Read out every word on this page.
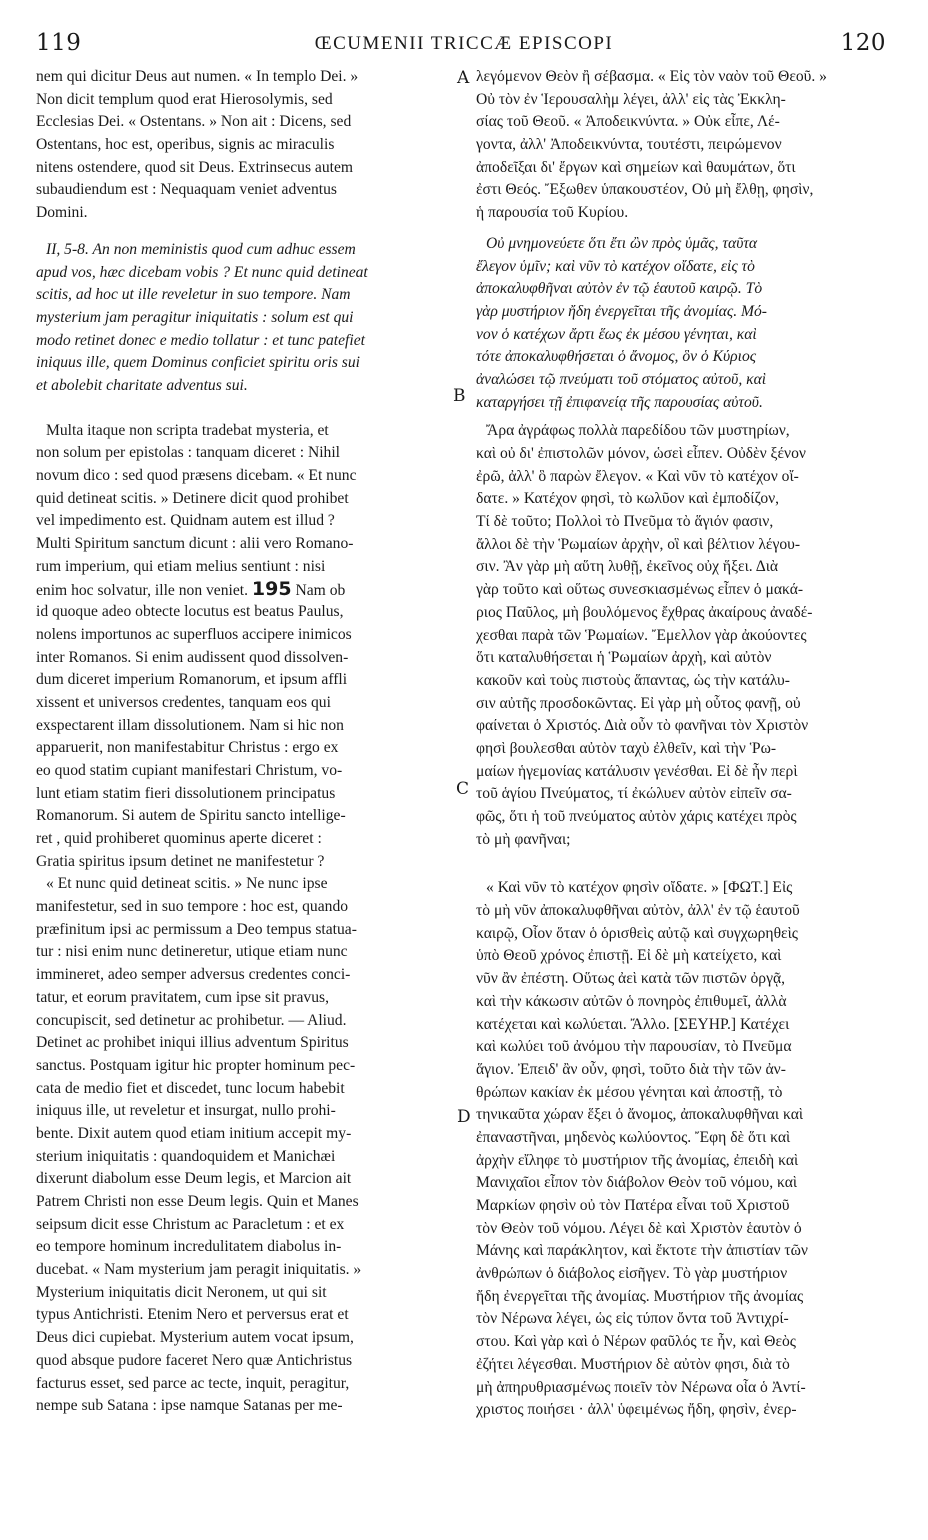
119	ŒCUMENII TRICCÆ EPISCOPI	120
A
B
C
D
nem qui dicitur Deus aut numen. « In templo Dei. »
Non dicit templum quod erat Hierosolymis, sed
Ecclesias Dei. « Ostentans. » Non ait : Dicens, sed
Ostentans, hoc est, operibus, signis ac miraculis
nitens ostendere, quod sit Deus. Extrinsecus autem
subaudiendum est : Nequaquam veniet adventus
Domini.
II, 5-8. An non meministis quod cum adhuc essem
apud vos, hæc dicebam vobis ? Et nunc quid detineat
scitis, ad hoc ut ille reveletur in suo tempore. Nam
mysterium jam peragitur iniquitatis : solum est qui
modo retinet donec e medio tollatur : et tunc patefiet
iniquus ille, quem Dominus conficiet spiritu oris sui
et abolebit charitate adventus sui.
Multa itaque non scripta tradebat mysteria, et
non solum per epistolas : tanquam diceret : Nihil
novum dico : sed quod præsens dicebam. « Et nunc
quid detineat scitis. » Detinere dicit quod prohibet
vel impedimento est. Quidnam autem est illud ?
Multi Spiritum sanctum dicunt : alii vero Romano-
rum imperium, qui etiam melius sentiunt : nisi
enim hoc solvatur, ille non veniet. 195 Nam ob
id quoque adeo obtecte locutus est beatus Paulus,
nolens importunos ac superfluos accipere inimicos
inter Romanos. Si enim audissent quod dissolven-
dum diceret imperium Romanorum, et ipsum affli
xissent et universos credentes, tanquam eos qui
exspectarent illam dissolutionem. Nam si hic non
apparuerit, non manifestabitur Christus : ergo ex
eo quod statim cupiant manifestari Christum, vo-
lunt etiam statim fieri dissolutionem principatus
Romanorum. Si autem de Spiritu sancto intellige-
ret , quid prohiberet quominus aperte diceret :
Gratia spiritus ipsum detinet ne manifestetur ?
« Et nunc quid detineat scitis. » Ne nunc ipse
manifestetur, sed in suo tempore : hoc est, quando
præfinitum ipsi ac permissum a Deo tempus statua-
tur : nisi enim nunc detineretur, utique etiam nunc
immineret, adeo semper adversus credentes conci-
tatur, et eorum pravitatem, cum ipse sit pravus,
concupiscit, sed detinetur ac prohibetur. — Aliud.
Detinet ac prohibet iniqui illius adventum Spiritus
sanctus. Postquam igitur hic propter hominum pec-
cata de medio fiet et discedet, tunc locum habebit
iniquus ille, ut reveletur et insurgat, nullo prohi-
bente. Dixit autem quod etiam initium accepit my-
sterium iniquitatis : quandoquidem et Manichæi
dixerunt diabolum esse Deum legis, et Marcion ait
Patrem Christi non esse Deum legis. Quin et Manes
seipsum dicit esse Christum ac Paracletum : et ex
eo tempore hominum incredulitatem diabolus in-
ducebat. « Nam mysterium jam peragit iniquitatis. »
Mysterium iniquitatis dicit Neronem, ut qui sit
typus Antichristi. Etenim Nero et perversus erat et
Deus dici cupiebat. Mysterium autem vocat ipsum,
quod absque pudore faceret Nero quæ Antichristus
facturus esset, sed parce ac tecte, inquit, peragitur,
nempe sub Satana : ipse namque Satanas per me-
λεγόμενον Θεὸν ἢ σέβασμα. « Εἰς τὸν ναὸν τοῦ Θεοῦ. »
Οὐ τὸν ἐν Ἱερουσαλὴμ λέγει, ἀλλ' εἰς τὰς Ἐκκλη-
σίας τοῦ Θεοῦ. « Ἀποδεικνύντα. » Οὐκ εἶπε, Λέ-
γοντα, ἀλλ' Ἀποδεικνύντα, τουτέστι, πειρώμενον
ἀποδεῖξαι δι' ἔργων καὶ σημείων καὶ θαυμάτων, ὅτι
ἐστι Θεός. Ἔξωθεν ὑπακουστέον, Οὐ μὴ ἔλθῃ, φησὶν,
ἡ παρουσία τοῦ Κυρίου.
Οὐ μνημονεύετε ὅτι ἔτι ὢν πρὸς ὑμᾶς, ταῦτα
ἔλεγον ὑμῖν; καὶ νῦν τὸ κατέχον οἴδατε, εἰς τὸ
ἀποκαλυφθῆναι αὐτὸν ἐν τῷ ἑαυτοῦ καιρῷ. Τὸ
γὰρ μυστήριον ἤδη ἐνεργεῖται τῆς ἀνομίας. Μό-
νον ὁ κατέχων ἄρτι ἕως ἐκ μέσου γένηται, καὶ
τότε ἀποκαλυφθήσεται ὁ ἄνομος, ὃν ὁ Κύριος
ἀναλώσει τῷ πνεύματι τοῦ στόματος αὐτοῦ, καὶ
καταργήσει τῇ ἐπιφανείᾳ τῆς παρουσίας αὐτοῦ.
Ἄρα ἀγράφως πολλὰ παρεδίδου τῶν μυστηρίων,
καὶ οὐ δι' ἐπιστολῶν μόνον, ὡσεὶ εἶπεν. Οὐδὲν ξένον
ἐρῶ, ἀλλ' ὃ παρὼν ἔλεγον. « Καὶ νῦν τὸ κατέχον οἴ-
δατε. » Κατέχον φησὶ, τὸ κωλῦον καὶ ἐμποδίζον,
Τί δὲ τοῦτο; Πολλοὶ τὸ Πνεῦμα τὸ ἅγιόν φασιν,
ἄλλοι δὲ τὴν Ῥωμαίων ἀρχὴν, οἳ καὶ βέλτιον λέγου-
σιν. Ἂν γὰρ μὴ αὕτη λυθῇ, ἐκεῖνος οὐχ ἥξει. Διὰ
γὰρ τοῦτο καὶ οὕτως συνεσκιασμένως εἶπεν ὁ μακά-
ριος Παῦλος, μὴ βουλόμενος ἔχθρας ἀκαίρους ἀναδέ-
χεσθαι παρὰ τῶν Ῥωμαίων. Ἔμελλον γὰρ ἀκούοντες
ὅτι καταλυθήσεται ἡ Ῥωμαίων ἀρχὴ, καὶ αὐτὸν
κακοῦν καὶ τοὺς πιστοὺς ἅπαντας, ὡς τὴν κατάλυ-
σιν αὐτῆς προσδοκῶντας. Εἰ γὰρ μὴ οὗτος φανῇ, οὐ
φαίνεται ὁ Χριστός. Διὰ οὖν τὸ φανῆναι τὸν Χριστὸν
φησὶ βουλεσθαι αὐτὸν ταχὺ ἐλθεῖν, καὶ τὴν Ῥω-
μαίων ἡγεμονίας κατάλυσιν γενέσθαι. Εἰ δὲ ἦν περὶ
τοῦ ἁγίου Πνεύματος, τί ἐκώλυεν αὐτὸν εἰπεῖν σα-
φῶς, ὅτι ἡ τοῦ πνεύματος αὐτὸν χάρις κατέχει πρὸς
τὸ μὴ φανῆναι;
« Καὶ νῦν τὸ κατέχον φησὶν οἴδατε. » [ΦΩΤ.] Εἰς
τὸ μὴ νῦν ἀποκαλυφθῆναι αὐτὸν, ἀλλ' ἐν τῷ ἑαυτοῦ
καιρῷ, Οἷον ὅταν ὁ ὁρισθεὶς αὐτῷ καὶ συγχωρηθεὶς
ὑπὸ Θεοῦ χρόνος ἐπιστῇ. Εἰ δὲ μὴ κατείχετο, καὶ
νῦν ἂν ἐπέστη. Οὕτως ἀεὶ κατὰ τῶν πιστῶν ὀργᾷ,
καὶ τὴν κάκωσιν αὐτῶν ὁ πονηρὸς ἐπιθυμεῖ, ἀλλὰ
κατέχεται καὶ κωλύεται. Ἄλλο. [ΣΕΥΗΡ.] Κατέχει
καὶ κωλύει τοῦ ἀνόμου τὴν παρουσίαν, τὸ Πνεῦμα
ἅγιον. Ἐπειδ' ἂν οὖν, φησὶ, τοῦτο διὰ τὴν τῶν ἀν-
θρώπων κακίαν ἐκ μέσου γένηται καὶ ἀποστῇ, τὸ
τηνικαῦτα χώραν ἕξει ὁ ἄνομος, ἀποκαλυφθῆναι καὶ
ἐπαναστῆναι, μηδενὸς κωλύοντος. Ἔφη δὲ ὅτι καὶ
ἀρχὴν εἴληφε τὸ μυστήριον τῆς ἀνομίας, ἐπειδὴ καὶ
Μανιχαῖοι εἶπον τὸν διάβολον Θεὸν τοῦ νόμου, καὶ
Μαρκίων φησὶν οὐ τὸν Πατέρα εἶναι τοῦ Χριστοῦ
τὸν Θεὸν τοῦ νόμου. Λέγει δὲ καὶ Χριστὸν ἑαυτὸν ὁ
Μάνης καὶ παράκλητον, καὶ ἔκτοτε τὴν ἀπιστίαν τῶν
ἀνθρώπων ὁ διάβολος εἰσῆγεν. Τὸ γὰρ μυστήριον
ἤδη ἐνεργεῖται τῆς ἀνομίας. Μυστήριον τῆς ἀνομίας
τὸν Νέρωνα λέγει, ὡς εἰς τύπον ὄντα τοῦ Ἀντιχρί-
στου. Καὶ γὰρ καὶ ὁ Νέρων φαῦλός τε ἦν, καὶ Θεὸς
ἐζήτει λέγεσθαι. Μυστήριον δὲ αὐτὸν φησι, διὰ τὸ
μὴ ἀπηρυθριασμένως ποιεῖν τὸν Νέρωνα οἷα ὁ Ἀντί-
χριστος ποιήσει · ἀλλ' ὑφειμένως ἤδη, φησὶν, ἐνερ-
